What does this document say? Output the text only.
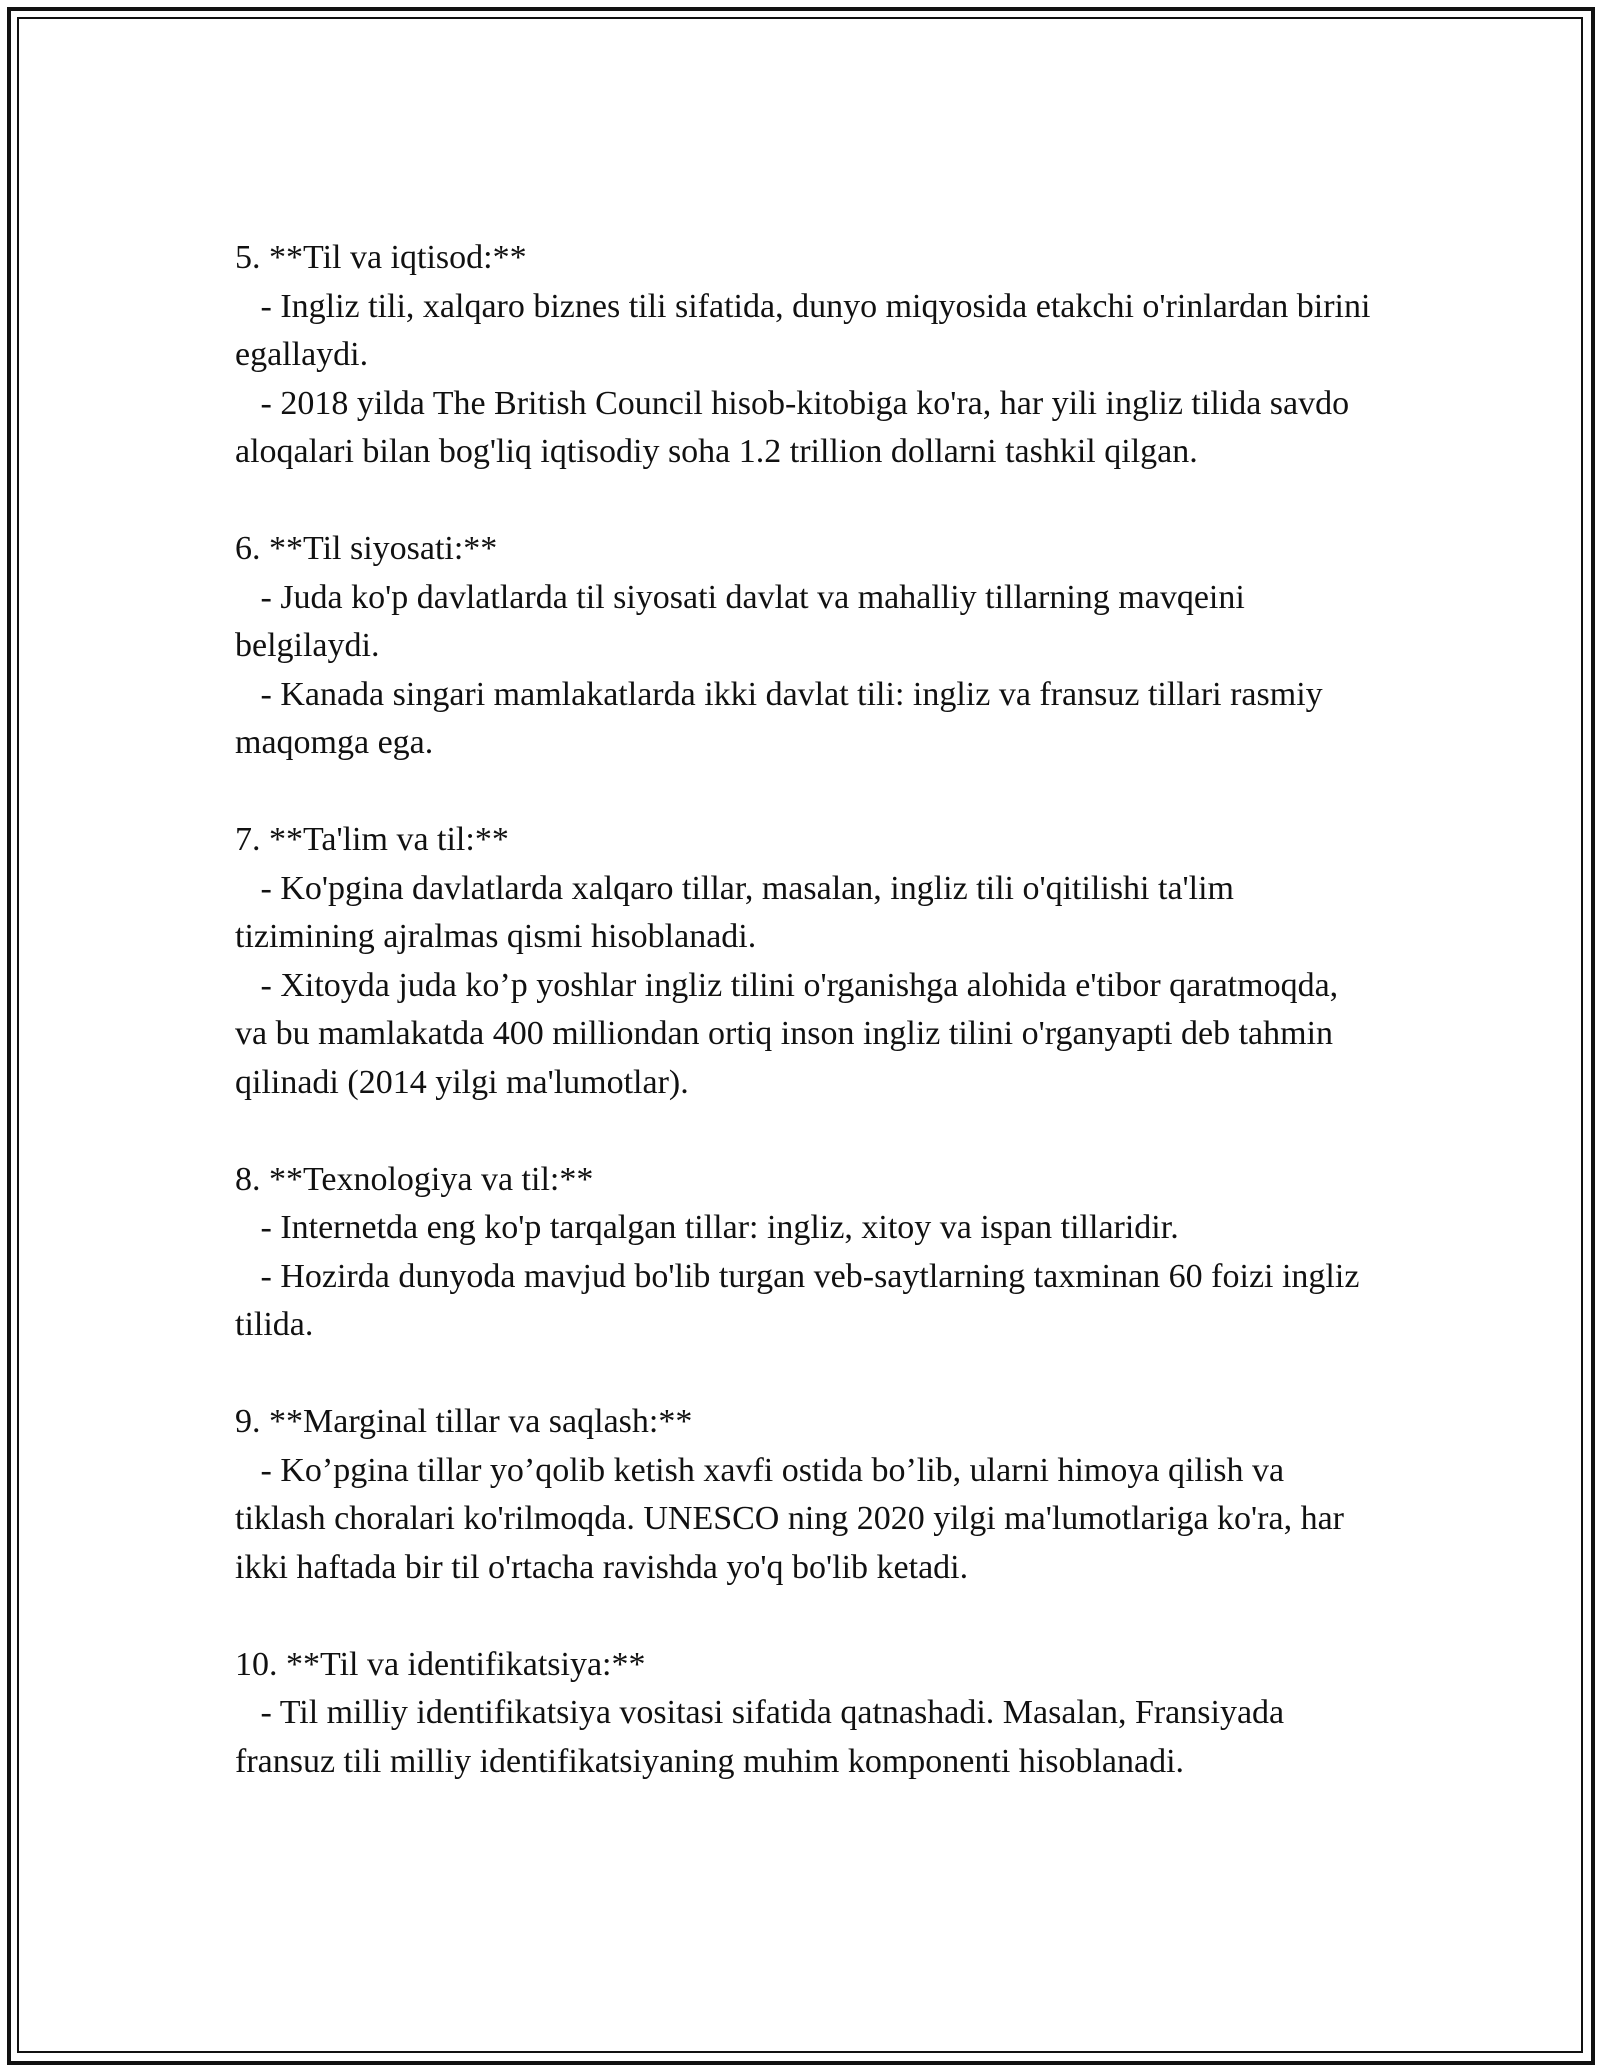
5. **Til va iqtisod:**
- Ingliz tili, xalqaro biznes tili sifatida, dunyo miqyosida etakchi o'rinlardan birini egallaydi.
- 2018 yilda The British Council hisob-kitobiga ko'ra, har yili ingliz tilida savdo aloqalari bilan bog'liq iqtisodiy soha 1.2 trillion dollarni tashkil qilgan.
6. **Til siyosati:**
- Juda ko'p davlatlarda til siyosati davlat va mahalliy tillarning mavqeini belgilaydi.
- Kanada singari mamlakatlarda ikki davlat tili: ingliz va fransuz tillari rasmiy maqomga ega.
7. **Ta'lim va til:**
- Ko'pgina davlatlarda xalqaro tillar, masalan, ingliz tili o'qitilishi ta'lim tizimining ajralmas qismi hisoblanadi.
- Xitoyda juda ko’p yoshlar ingliz tilini o'rganishga alohida e'tibor qaratmoqda, va bu mamlakatda 400 milliondan ortiq inson ingliz tilini o'rganyapti deb tahmin qilinadi (2014 yilgi ma'lumotlar).
8. **Texnologiya va til:**
- Internetda eng ko'p tarqalgan tillar: ingliz, xitoy va ispan tillaridir.
- Hozirda dunyoda mavjud bo'lib turgan veb-saytlarning taxminan 60 foizi ingliz tilida.
9. **Marginal tillar va saqlash:**
- Ko’pgina tillar yo’qolib ketish xavfi ostida bo’lib, ularni himoya qilish va tiklash choralari ko'rilmoqda. UNESCO ning 2020 yilgi ma'lumotlariga ko'ra, har ikki haftada bir til o'rtacha ravishda yo'q bo'lib ketadi.
10. **Til va identifikatsiya:**
- Til milliy identifikatsiya vositasi sifatida qatnashadi. Masalan, Fransiyada fransuz tili milliy identifikatsiyaning muhim komponenti hisoblanadi.
